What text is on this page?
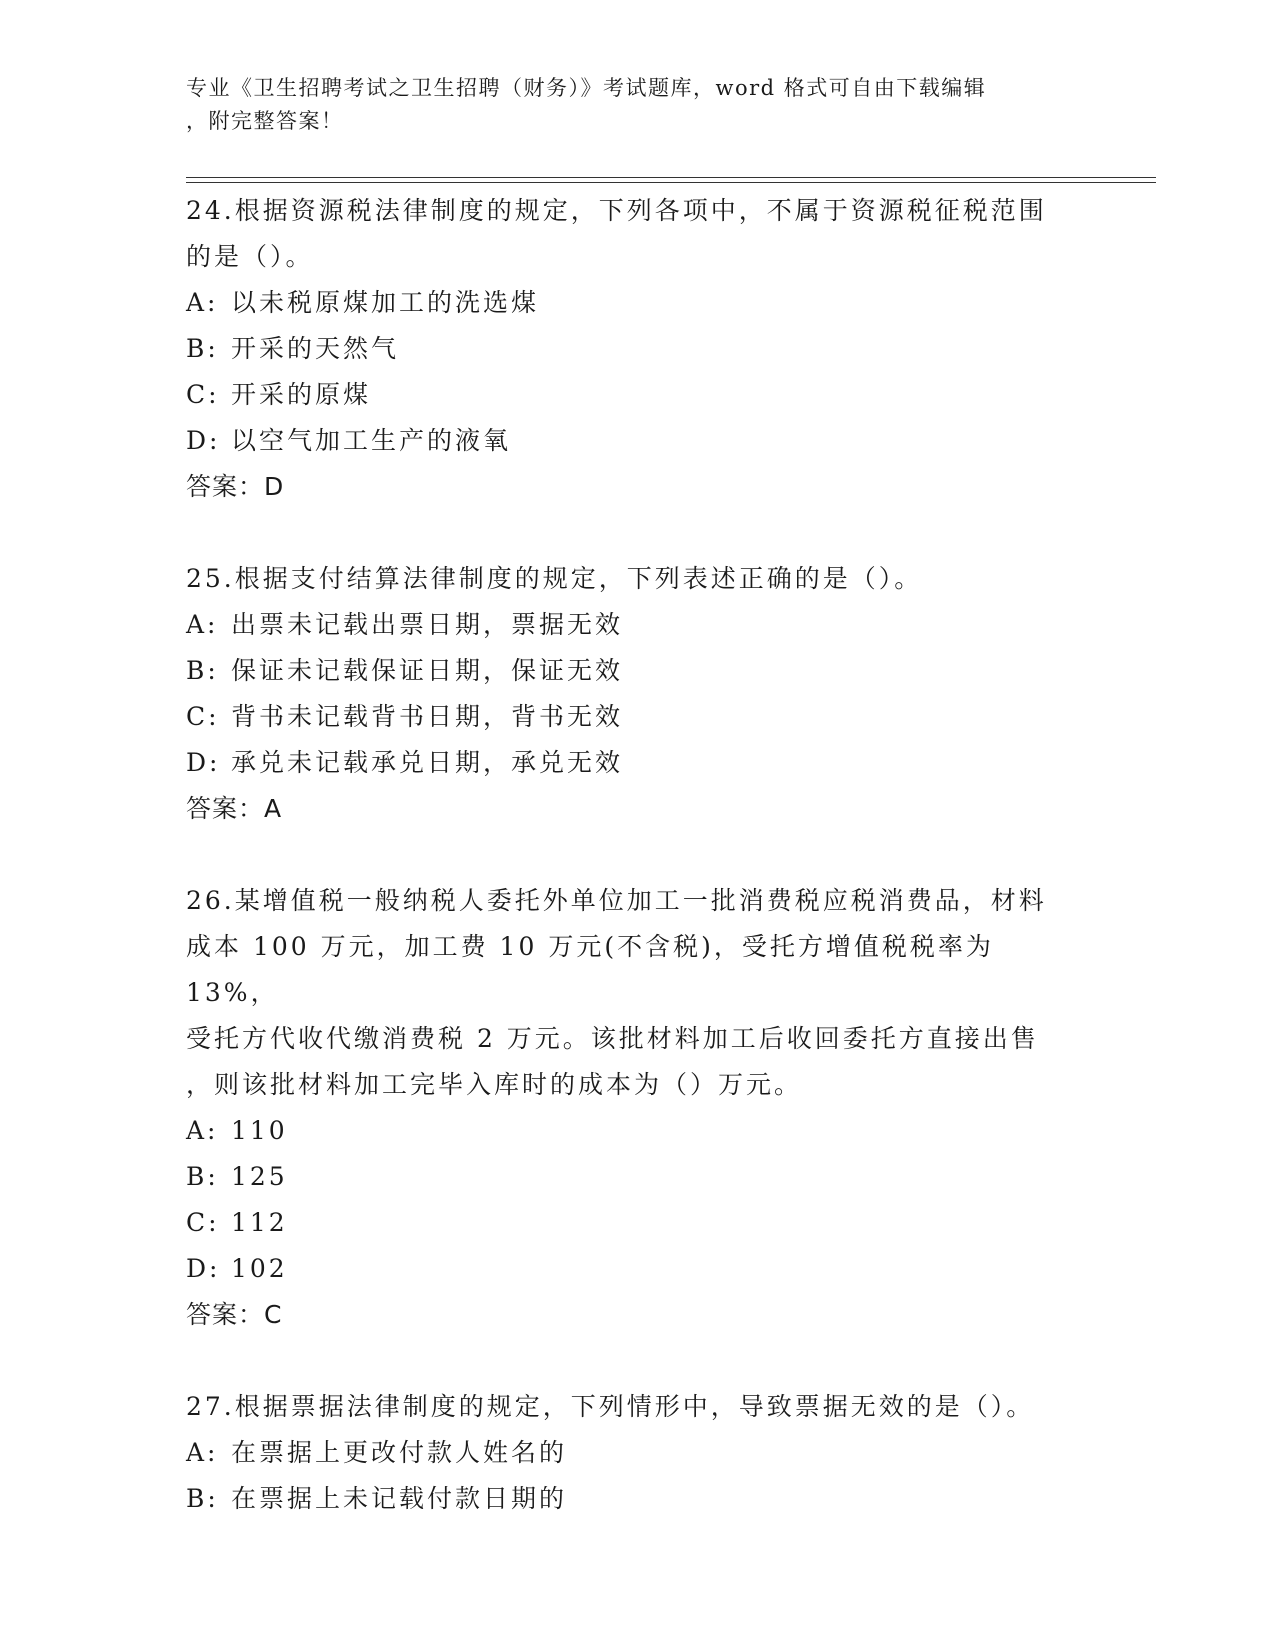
专业《卫生招聘考试之卫生招聘（财务）》考试题库，word 格式可自由下载编辑
，附完整答案！
24.根据资源税法律制度的规定，下列各项中，不属于资源税征税范围
的是（）。
A: 以未税原煤加工的洗选煤
B: 开采的天然气
C: 开采的原煤
D: 以空气加工生产的液氧
答案：D
25.根据支付结算法律制度的规定，下列表述正确的是（）。
A: 出票未记载出票日期，票据无效
B: 保证未记载保证日期，保证无效
C: 背书未记载背书日期，背书无效
D: 承兑未记载承兑日期，承兑无效
答案：A
26.某增值税一般纳税人委托外单位加工一批消费税应税消费品，材料
成本 100 万元，加工费 10 万元(不含税)，受托方增值税税率为 13%，
受托方代收代缴消费税 2 万元。该批材料加工后收回委托方直接出售
，则该批材料加工完毕入库时的成本为（）万元。
A: 110
B: 125
C: 112
D: 102
答案：C
27.根据票据法律制度的规定，下列情形中，导致票据无效的是（）。
A: 在票据上更改付款人姓名的
B: 在票据上未记载付款日期的
